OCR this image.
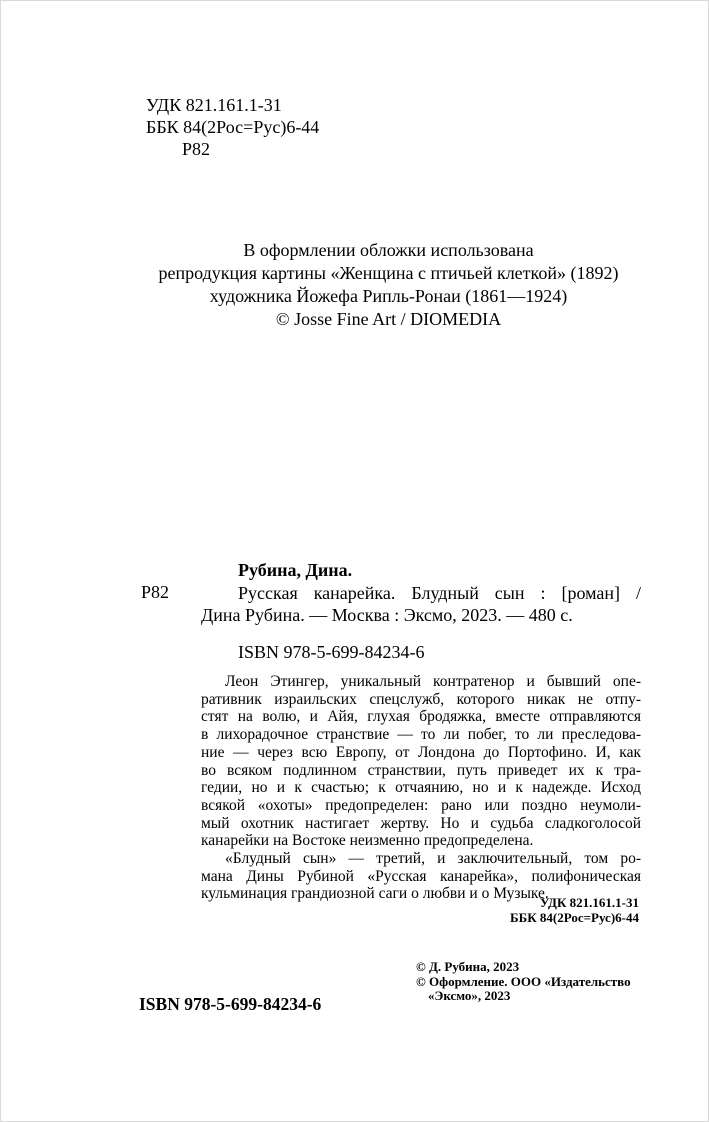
УДК 821.161.1-31
ББК 84(2Рос=Рус)6-44
Р82
В оформлении обложки использована
репродукция картины «Женщина с птичьей клеткой» (1892)
художника Йожефа Рипль-Ронаи (1861—1924)
© Josse Fine Art / DIOMEDIA
Р82
Рубина, Дина.
Русская канарейка. Блудный сын : [роман] /
Дина Рубина. — Москва : Эксмо, 2023. — 480 с.
ISBN 978-5-699-84234-6
Леон Этингер, уникальный контратенор и бывший опе-
ративник израильских спецслужб, которого никак не отпу-
стят на волю, и Айя, глухая бродяжка, вместе отправляются
в лихорадочное странствие — то ли побег, то ли преследова-
ние — через всю Европу, от Лондона до Портофино. И, как
во всяком подлинном странствии, путь приведет их к тра-
гедии, но и к счастью; к отчаянию, но и к надежде. Исход
всякой «охоты» предопределен: рано или поздно неумоли-
мый охотник настигает жертву. Но и судьба сладкоголосой
канарейки на Востоке неизменно предопределена.
«Блудный сын» — третий, и заключительный, том ро-
мана Дины Рубиной «Русская канарейка», полифоническая
кульминация грандиозной саги о любви и о Музыке.
УДК 821.161.1-31
ББК 84(2Рос=Рус)6-44
© Д. Рубина, 2023
© Оформление. ООО «Издательство
«Эксмо», 2023
ISBN 978-5-699-84234-6
